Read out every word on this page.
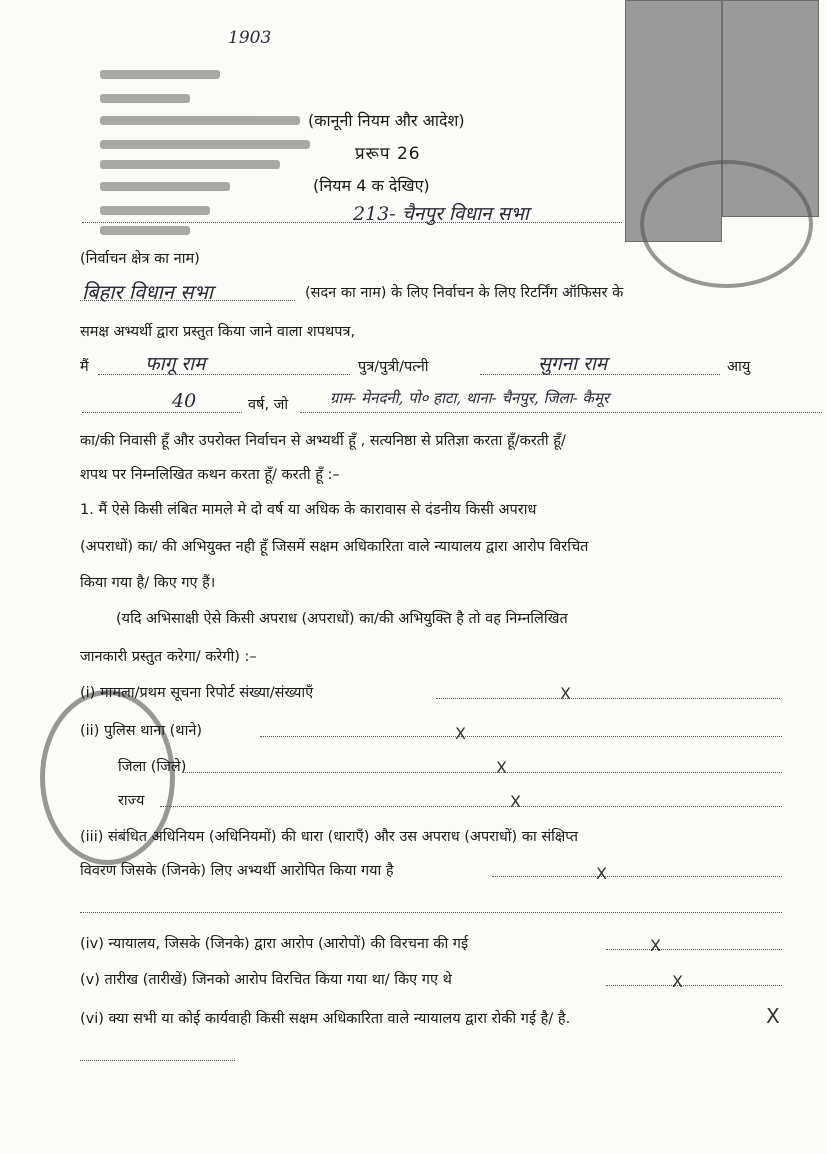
1903
(कानूनी नियम और आदेश)
प्ररूप 26
(नियम 4 क देखिए)
213- चैनपुर विधान सभा
(निर्वाचन क्षेत्र का नाम)
बिहार विधान सभा	(सदन का नाम) के लिए निर्वाचन के लिए रिटर्निंग ऑफिसर के
समक्ष अभ्यर्थी द्वारा प्रस्तुत किया जाने वाला शपथपत्र,
मैं	फागू राम	पुत्र/पुत्री/पत्नी	सुगना राम	आयु
40	वर्ष, जो	ग्राम- मेनदनी, पो० हाटा, थाना- चैनपुर, जिला- कैमूर
का/की निवासी हूँ और उपरोक्त निर्वाचन से अभ्यर्थी हूँ , सत्यनिष्ठा से प्रतिज्ञा करता हूँ/करती हूँ/
शपथ पर निम्नलिखित कथन करता हूँ/ करती हूँ :–
1. मैं ऐसे किसी लंबित मामले मे दो वर्ष या अधिक के कारावास से दंडनीय किसी अपराध
(अपराधों) का/ की अभियुक्त नही हूँ जिसमें सक्षम अधिकारिता वाले न्यायालय द्वारा आरोप विरचित
किया गया है/ किए गए हैं।
(यदि अभिसाक्षी ऐसे किसी अपराध (अपराधों) का/की अभियुक्ति है तो वह निम्नलिखित
जानकारी प्रस्तुत करेगा/ करेगी) :–
(i) मामला/प्रथम सूचना रिपोर्ट संख्या/संख्याएँ	X
(ii) पुलिस थाना (थाने)	X
जिला (जिले)	X
राज्य	X
(iii) संबंधित अधिनियम (अधिनियमों) की धारा (धाराएँ) और उस अपराध (अपराधों) का संक्षिप्त
विवरण जिसके (जिनके) लिए अभ्यर्थी आरोपित किया गया है	X
(iv) न्यायालय, जिसके (जिनके) द्वारा आरोप (आरोपों) की विरचना की गई	X
(v) तारीख (तारीखें) जिनको आरोप विरचित किया गया था/ किए गए थे	X
(vi) क्या सभी या कोई कार्यवाही किसी सक्षम अधिकारिता वाले न्यायालय द्वारा रोकी गई है/ है.	X
